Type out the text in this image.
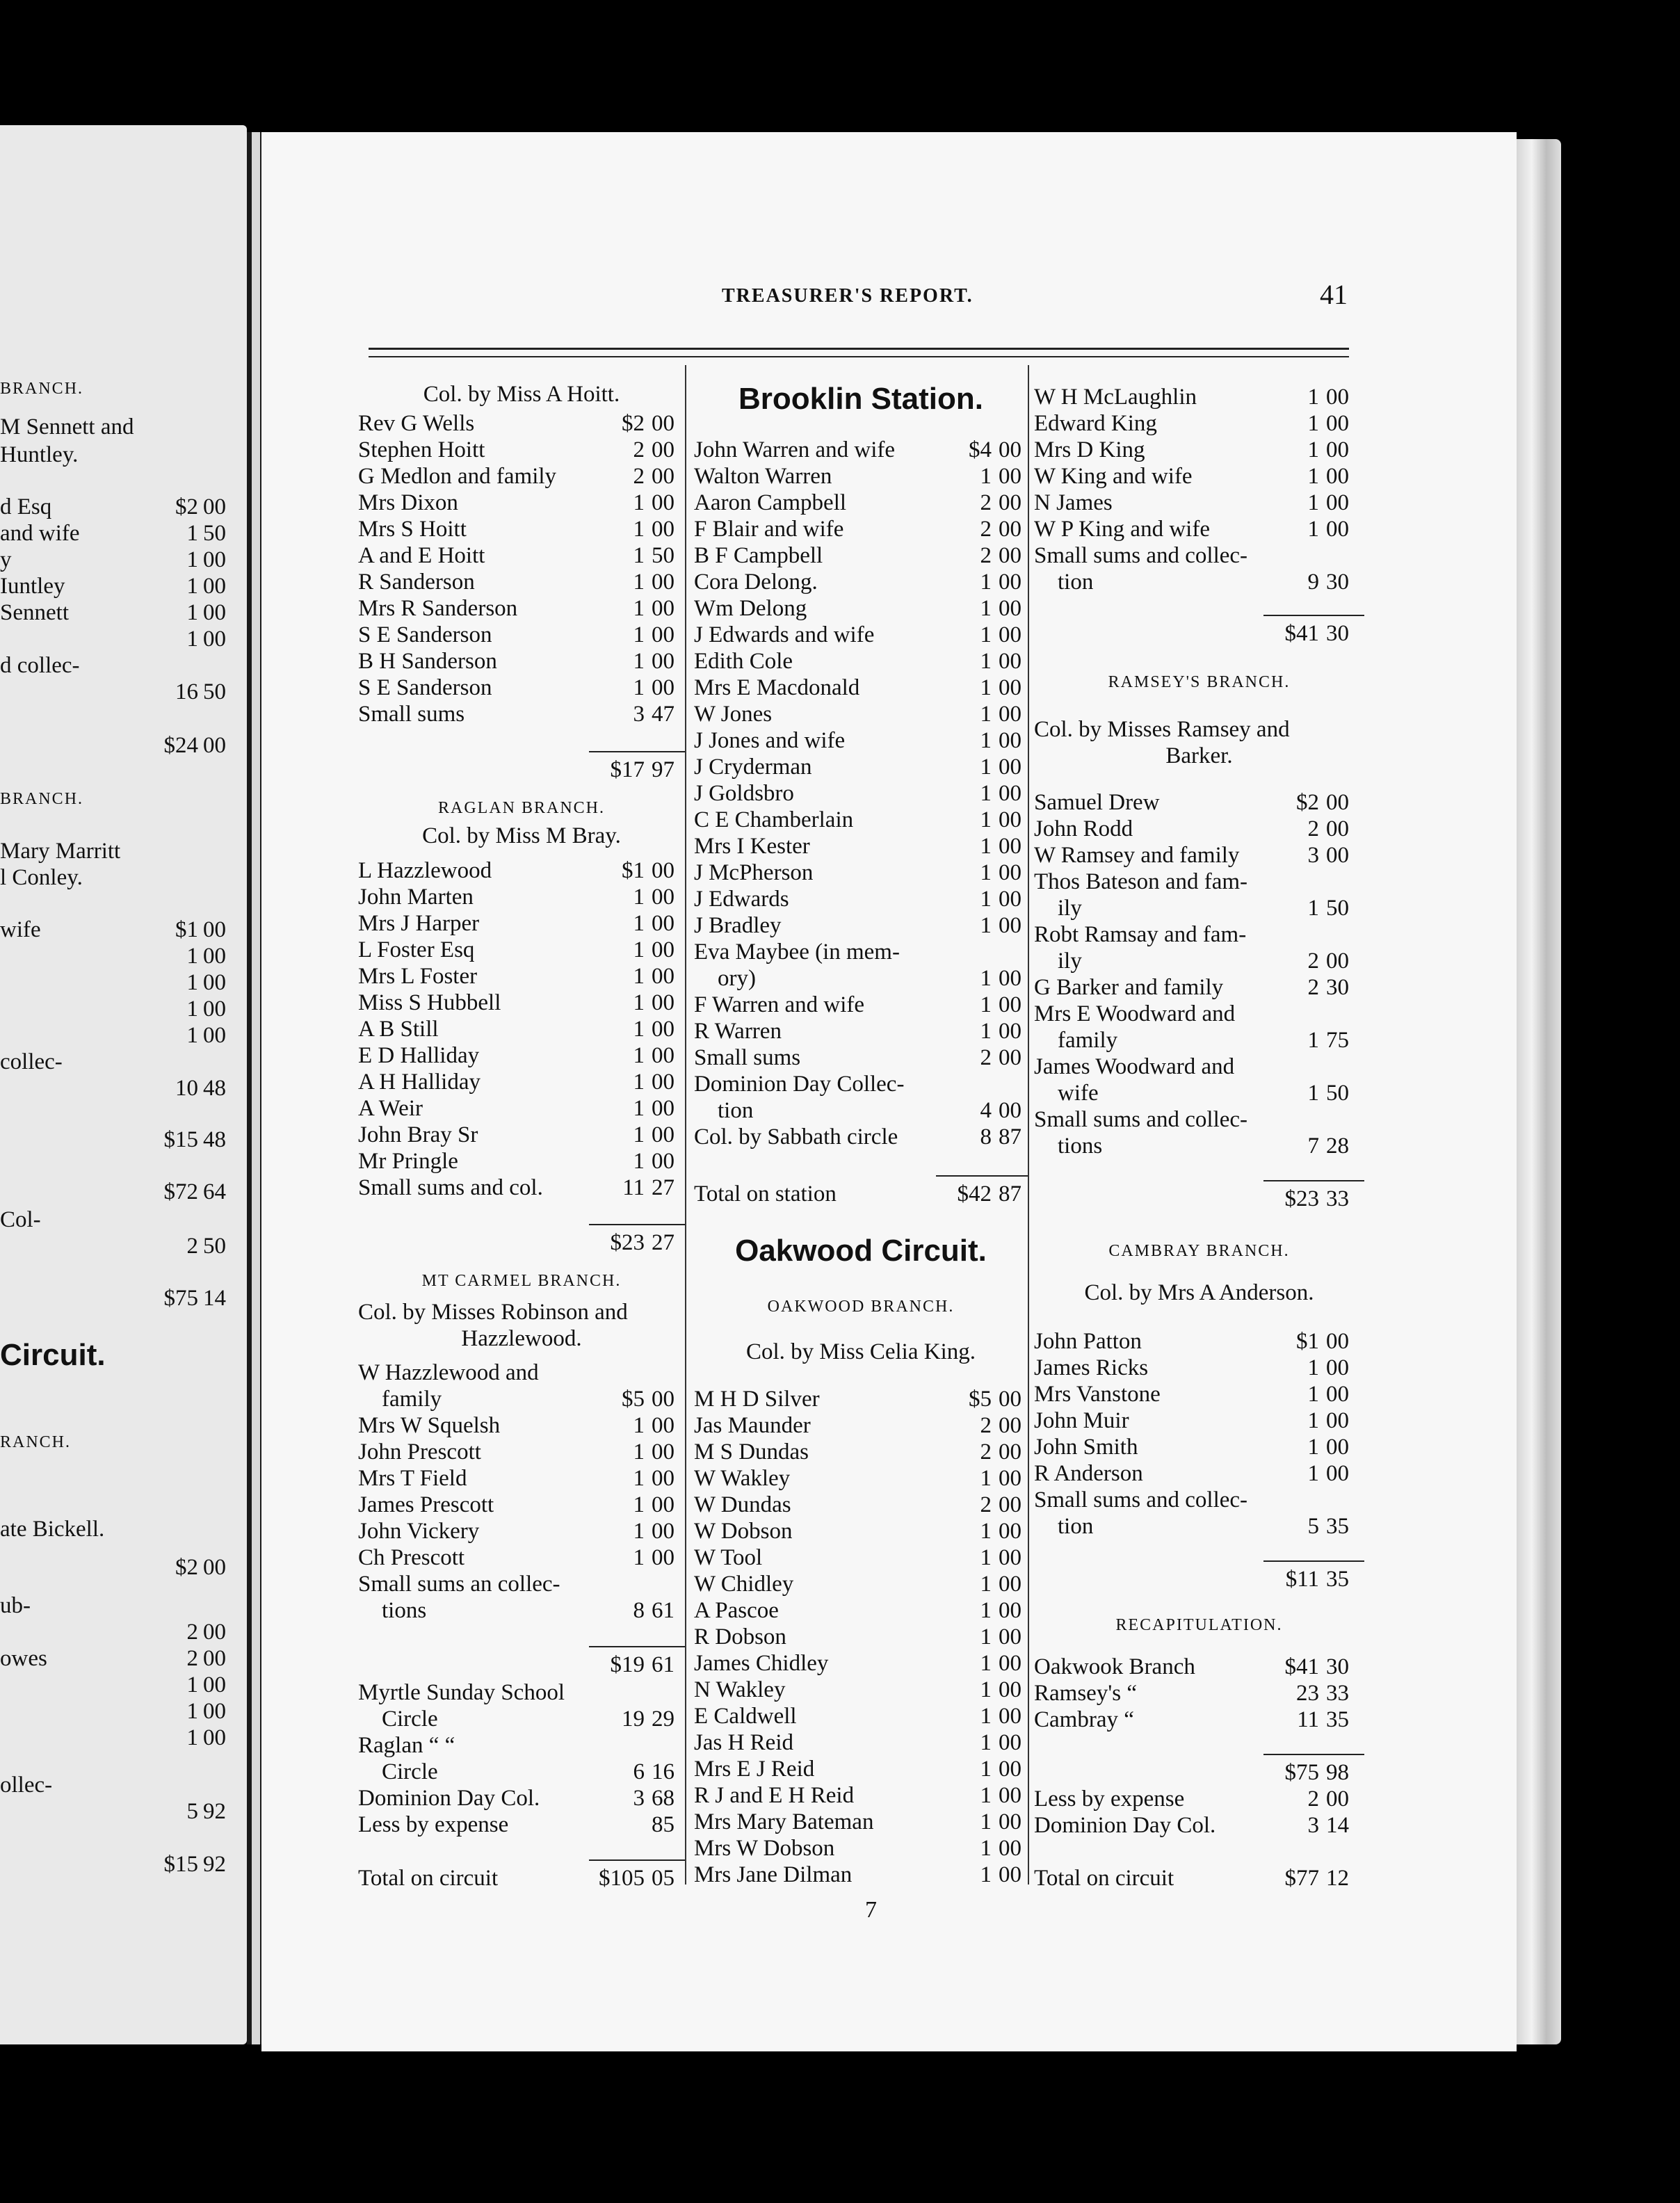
BRANCH.
M Sennett and
Huntley.
d Esq	$2 00
and wife	1 50
y	1 00
Iuntley	1 00
Sennett	1 00
1 00
d collec-
16 50
$24 00
BRANCH.
Mary Marritt
l Conley.
wife	$1 00
1 00
1 00
1 00
1 00
collec-
10 48
$15 48
$72 64
Col-
2 50
$75 14
Circuit.
RANCH.
ate Bickell.
$2 00
ub-
2 00
owes	2 00
1 00
1 00
1 00
ollec-
5 92
$15 92
TREASURER'S REPORT.	41
Col. by Miss A Hoitt.
Rev G Wells	$2 00
Stephen Hoitt	2 00
G Medlon and family	2 00
Mrs Dixon	1 00
Mrs S Hoitt	1 00
A and E Hoitt	1 50
R Sanderson	1 00
Mrs R Sanderson	1 00
S E Sanderson	1 00
B H Sanderson	1 00
S E Sanderson	1 00
Small sums	3 47
$17 97
RAGLAN BRANCH.
Col. by Miss M Bray.
L Hazzlewood	$1 00
John Marten	1 00
Mrs J Harper	1 00
L Foster Esq	1 00
Mrs L Foster	1 00
Miss S Hubbell	1 00
A B Still	1 00
E D Halliday	1 00
A H Halliday	1 00
A Weir	1 00
John Bray Sr	1 00
Mr Pringle	1 00
Small sums and col.	11 27
$23 27
MT CARMEL BRANCH.
Col. by Misses Robinson and
Hazzlewood.
W Hazzlewood and
family	$5 00
Mrs W Squelsh	1 00
John Prescott	1 00
Mrs T Field	1 00
James Prescott	1 00
John Vickery	1 00
Ch Prescott	1 00
Small sums an collec-
tions	8 61
$19 61
Myrtle Sunday School
Circle	19 29
Raglan “ “
Circle	6 16
Dominion Day Col.	3 68
Less by expense	85
Total on circuit	$105 05
Brooklin Station.
John Warren and wife	$4 00
Walton Warren	1 00
Aaron Campbell	2 00
F Blair and wife	2 00
B F Campbell	2 00
Cora Delong.	1 00
Wm Delong	1 00
J Edwards and wife	1 00
Edith Cole	1 00
Mrs E Macdonald	1 00
W Jones	1 00
J Jones and wife	1 00
J Cryderman	1 00
J Goldsbro	1 00
C E Chamberlain	1 00
Mrs I Kester	1 00
J McPherson	1 00
J Edwards	1 00
J Bradley	1 00
Eva Maybee (in mem-
ory)	1 00
F Warren and wife	1 00
R Warren	1 00
Small sums	2 00
Dominion Day Collec-
tion	4 00
Col. by Sabbath circle	8 87
Total on station	$42 87
Oakwood Circuit.
OAKWOOD BRANCH.
Col. by Miss Celia King.
M H D Silver	$5 00
Jas Maunder	2 00
M S Dundas	2 00
W Wakley	1 00
W Dundas	2 00
W Dobson	1 00
W Tool	1 00
W Chidley	1 00
A Pascoe	1 00
R Dobson	1 00
James Chidley	1 00
N Wakley	1 00
E Caldwell	1 00
Jas H Reid	1 00
Mrs E J Reid	1 00
R J and E H Reid	1 00
Mrs Mary Bateman	1 00
Mrs W Dobson	1 00
Mrs Jane Dilman	1 00
W H McLaughlin	1 00
Edward King	1 00
Mrs D King	1 00
W King and wife	1 00
N James	1 00
W P King and wife	1 00
Small sums and collec-
tion	9 30
$41 30
RAMSEY'S BRANCH.
Col. by Misses Ramsey and
Barker.
Samuel Drew	$2 00
John Rodd	2 00
W Ramsey and family	3 00
Thos Bateson and fam-
ily	1 50
Robt Ramsay and fam-
ily	2 00
G Barker and family	2 30
Mrs E Woodward and
family	1 75
James Woodward and
wife	1 50
Small sums and collec-
tions	7 28
$23 33
CAMBRAY BRANCH.
Col. by Mrs A Anderson.
John Patton	$1 00
James Ricks	1 00
Mrs Vanstone	1 00
John Muir	1 00
John Smith	1 00
R Anderson	1 00
Small sums and collec-
tion	5 35
$11 35
RECAPITULATION.
Oakwook Branch	$41 30
Ramsey's “	23 33
Cambray “	11 35
$75 98
Less by expense	2 00
Dominion Day Col.	3 14
Total on circuit	$77 12
7
